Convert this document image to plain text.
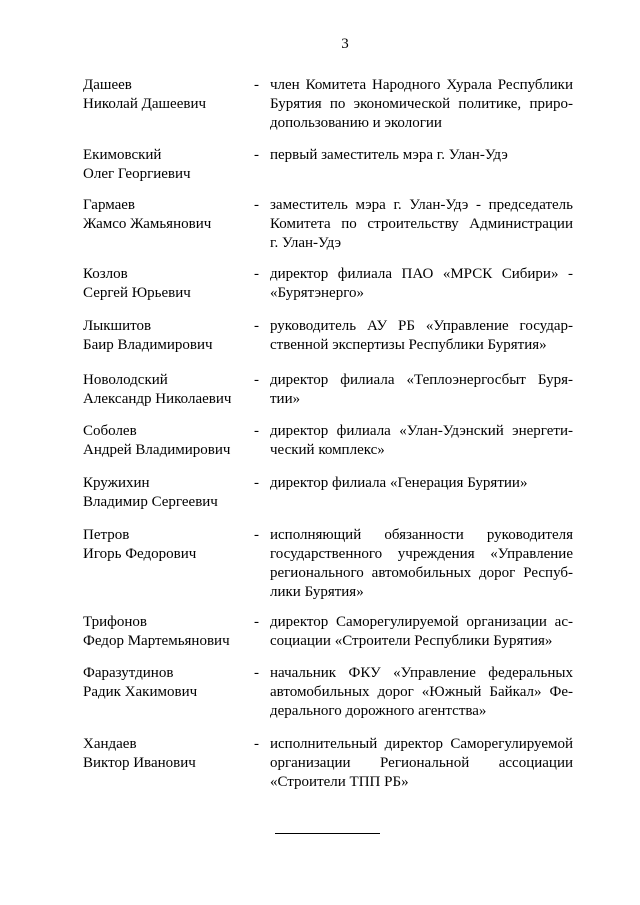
3
Дашеев
Николай Дашеевич
- член Комитета Народного Хурала Республики
Бурятия по экономической политике, приро-
допользованию и экологии
Екимовский
Олег Георгиевич
- первый заместитель мэра г. Улан-Удэ
Гармаев
Жамсо Жамьянович
- заместитель мэра г. Улан-Удэ - председатель
Комитета по строительству Администрации
г. Улан-Удэ
Козлов
Сергей Юрьевич
- директор филиала ПАО «МРСК Сибири» -
«Бурятэнерго»
Лыкшитов
Баир Владимирович
- руководитель АУ РБ «Управление государ-
ственной экспертизы Республики Бурятия»
Новолодский
Александр Николаевич
- директор филиала «Теплоэнергосбыт Буря-
тии»
Соболев
Андрей Владимирович
- директор филиала «Улан-Удэнский энергети-
ческий комплекс»
Кружихин
Владимир Сергеевич
- директор филиала «Генерация Бурятии»
Петров
Игорь Федорович
- исполняющий обязанности руководителя
государственного учреждения «Управление
регионального автомобильных дорог Респуб-
лики Бурятия»
Трифонов
Федор Мартемьянович
- директор Саморегулируемой организации ас-
социации «Строители Республики Бурятия»
Фаразутдинов
Радик Хакимович
- начальник ФКУ «Управление федеральных
автомобильных дорог «Южный Байкал» Фе-
дерального дорожного агентства»
Хандаев
Виктор Иванович
- исполнительный директор Саморегулируемой
организации Региональной ассоциации
«Строители ТПП РБ»
